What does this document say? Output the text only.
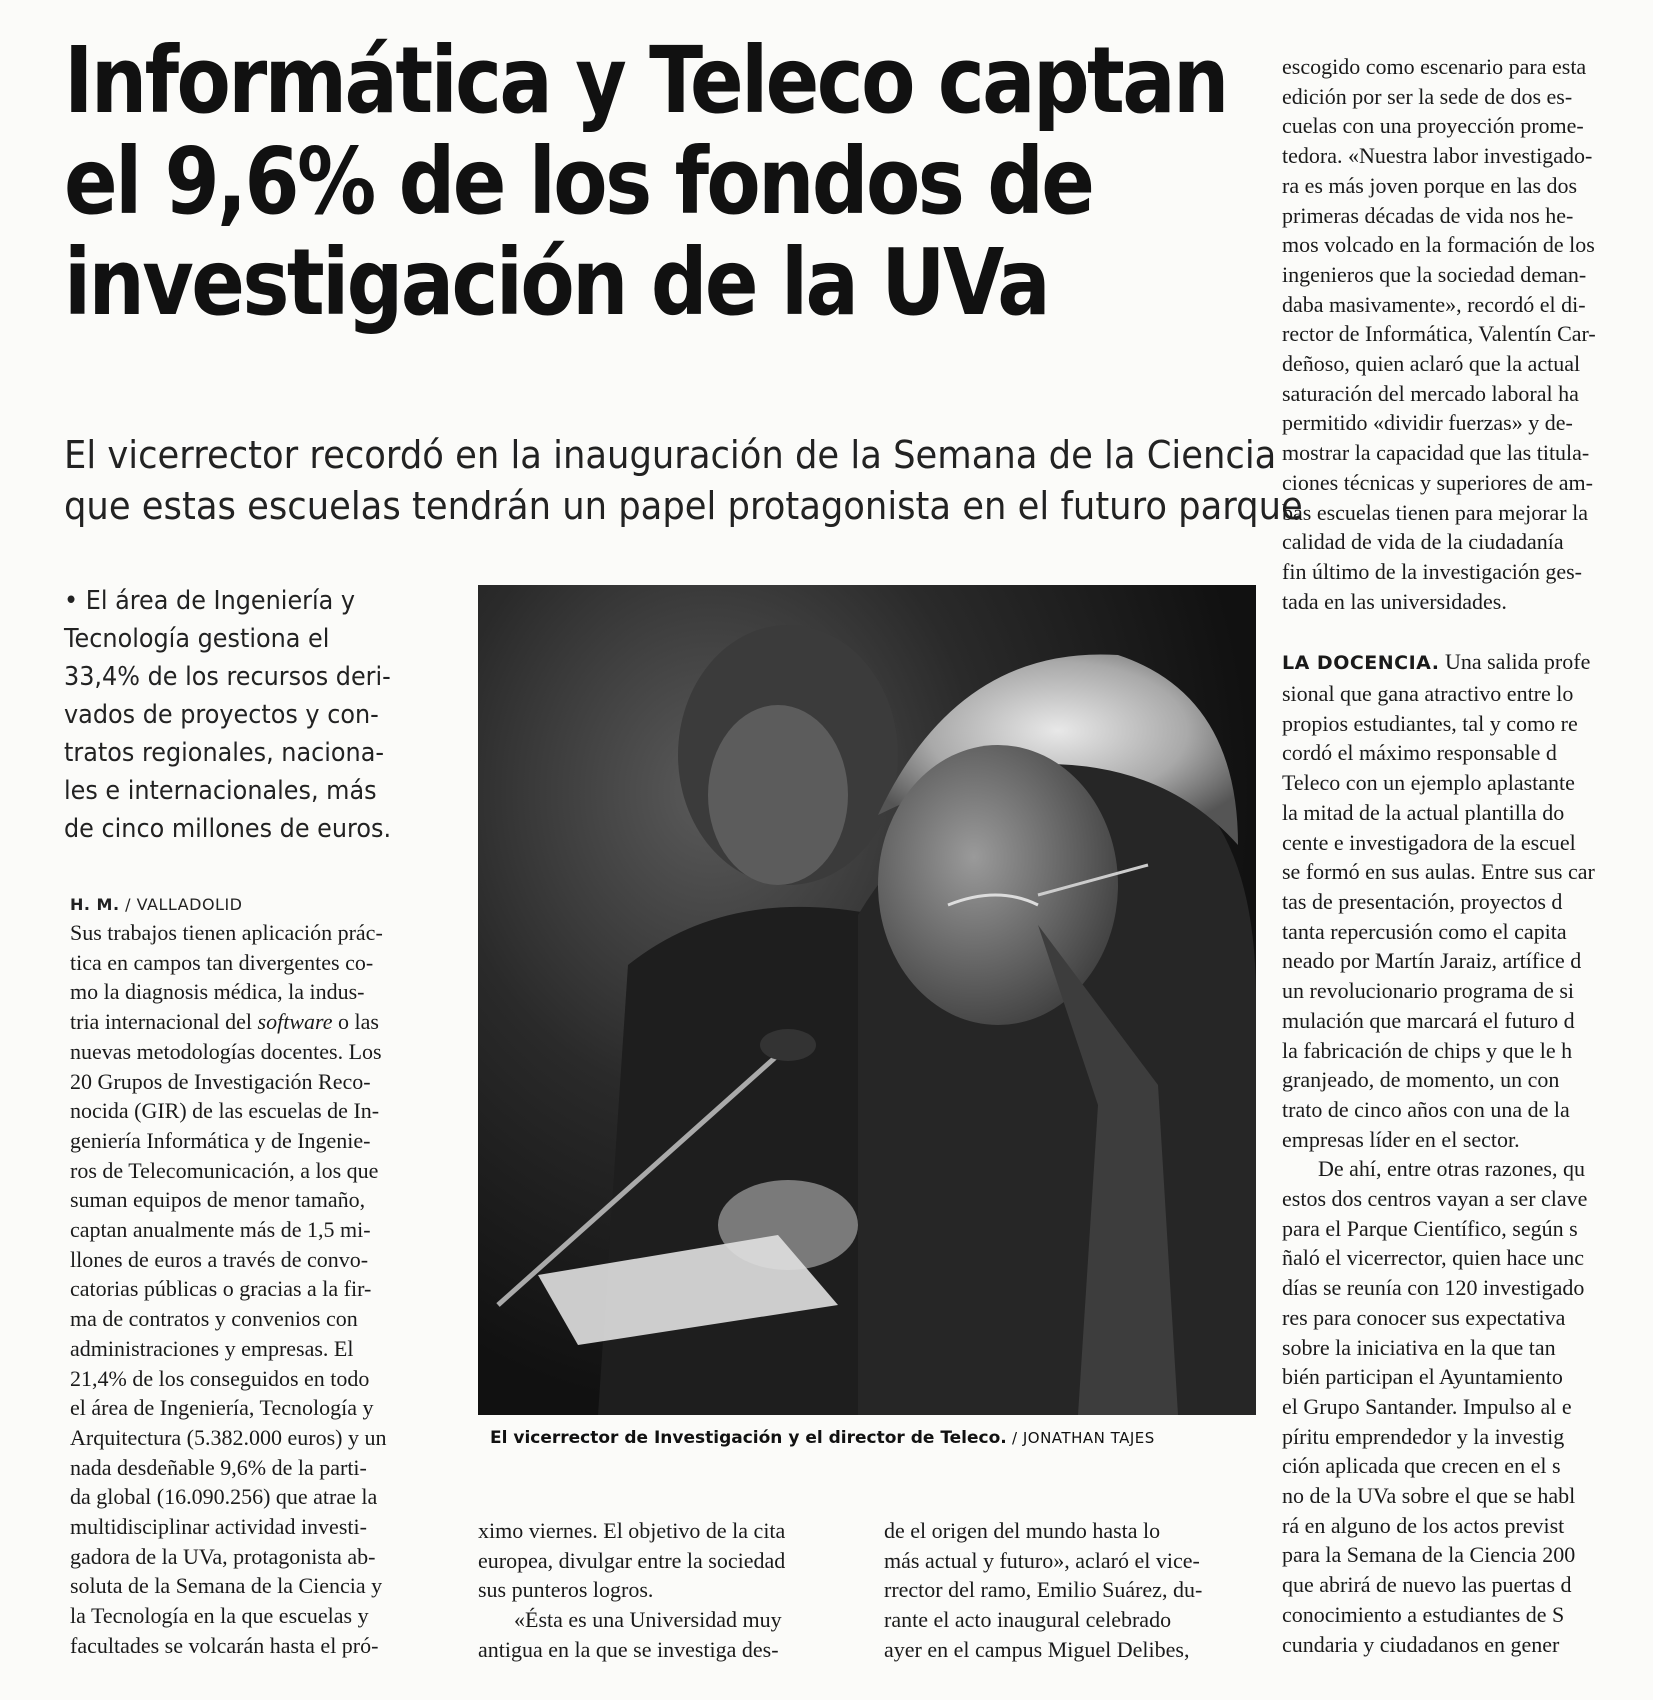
Informática y Teleco captan
el 9,6% de los fondos de
investigación de la UVa
El vicerrector recordó en la inauguración de la Semana de la Ciencia
que estas escuelas tendrán un papel protagonista en el futuro parque
• El área de Ingeniería y
Tecnología gestiona el
33,4% de los recursos deri-
vados de proyectos y con-
tratos regionales, naciona-
les e internacionales, más
de cinco millones de euros.
H. M. / VALLADOLID
Sus trabajos tienen aplicación prác-
tica en campos tan divergentes co-
mo la diagnosis médica, la indus-
tria internacional del software o las
nuevas metodologías docentes. Los
20 Grupos de Investigación Reco-
nocida (GIR) de las escuelas de In-
geniería Informática y de Ingenie-
ros de Telecomunicación, a los que
suman equipos de menor tamaño,
captan anualmente más de 1,5 mi-
llones de euros a través de convo-
catorias públicas o gracias a la fir-
ma de contratos y convenios con
administraciones y empresas. El
21,4% de los conseguidos en todo
el área de Ingeniería, Tecnología y
Arquitectura (5.382.000 euros) y un
nada desdeñable 9,6% de la parti-
da global (16.090.256) que atrae la
multidisciplinar actividad investi-
gadora de la UVa, protagonista ab-
soluta de la Semana de la Ciencia y
la Tecnología en la que escuelas y
facultades se volcarán hasta el pró-
El vicerrector de Investigación y el director de Teleco. / JONATHAN TAJES
ximo viernes. El objetivo de la cita
europea, divulgar entre la sociedad
sus punteros logros.
«Ésta es una Universidad muy
antigua en la que se investiga des-
de el origen del mundo hasta lo
más actual y futuro», aclaró el vice-
rrector del ramo, Emilio Suárez, du-
rante el acto inaugural celebrado
ayer en el campus Miguel Delibes,
escogido como escenario para esta
edición por ser la sede de dos es-
cuelas con una proyección prome-
tedora. «Nuestra labor investigado-
ra es más joven porque en las dos
primeras décadas de vida nos he-
mos volcado en la formación de los
ingenieros que la sociedad deman-
daba masivamente», recordó el di-
rector de Informática, Valentín Car-
deñoso, quien aclaró que la actual
saturación del mercado laboral ha
permitido «dividir fuerzas» y de-
mostrar la capacidad que las titula-
ciones técnicas y superiores de am-
bas escuelas tienen para mejorar la
calidad de vida de la ciudadanía
fin último de la investigación ges-
tada en las universidades.
LA DOCENCIA. Una salida profe
sional que gana atractivo entre lo
propios estudiantes, tal y como re
cordó el máximo responsable d
Teleco con un ejemplo aplastante
la mitad de la actual plantilla do
cente e investigadora de la escuel
se formó en sus aulas. Entre sus car
tas de presentación, proyectos d
tanta repercusión como el capita
neado por Martín Jaraiz, artífice d
un revolucionario programa de si
mulación que marcará el futuro d
la fabricación de chips y que le h
granjeado, de momento, un con
trato de cinco años con una de la
empresas líder en el sector.
De ahí, entre otras razones, qu
estos dos centros vayan a ser clave
para el Parque Científico, según s
ñaló el vicerrector, quien hace unc
días se reunía con 120 investigado
res para conocer sus expectativa
sobre la iniciativa en la que tan
bién participan el Ayuntamiento
el Grupo Santander. Impulso al e
píritu emprendedor y la investig
ción aplicada que crecen en el s
no de la UVa sobre el que se habl
rá en alguno de los actos previst
para la Semana de la Ciencia 200
que abrirá de nuevo las puertas d
conocimiento a estudiantes de S
cundaria y ciudadanos en gener
